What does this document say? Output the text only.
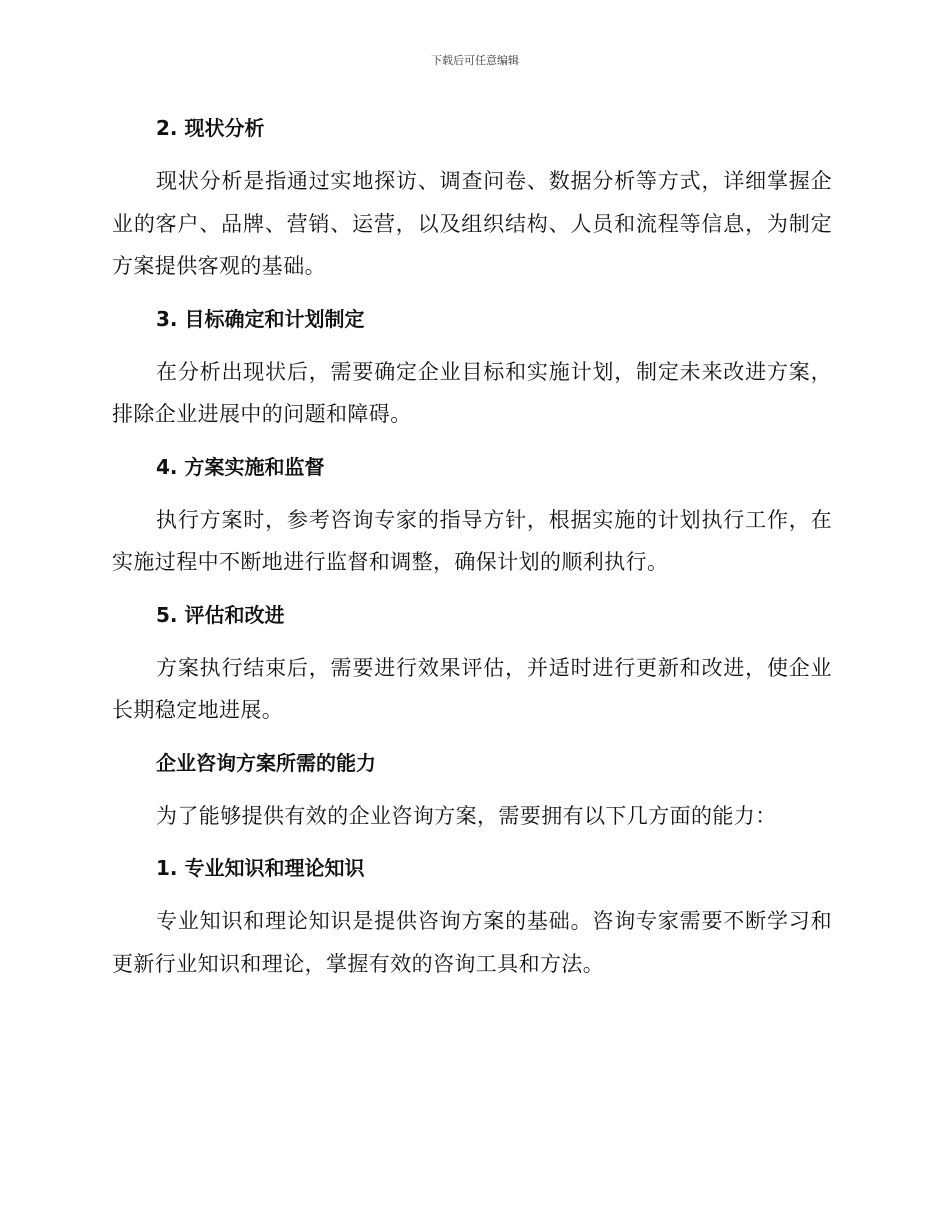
下载后可任意编辑
2. 现状分析

现状分析是指通过实地探访、调查问卷、数据分析等方式，详细掌握企业的客户、品牌、营销、运营，以及组织结构、人员和流程等信息，为制定方案提供客观的基础。

3. 目标确定和计划制定

在分析出现状后，需要确定企业目标和实施计划，制定未来改进方案，排除企业进展中的问题和障碍。

4. 方案实施和监督

执行方案时，参考咨询专家的指导方针，根据实施的计划执行工作，在实施过程中不断地进行监督和调整，确保计划的顺利执行。

5. 评估和改进

方案执行结束后，需要进行效果评估，并适时进行更新和改进，使企业长期稳定地进展。

企业咨询方案所需的能力

为了能够提供有效的企业咨询方案，需要拥有以下几方面的能力：

1. 专业知识和理论知识

专业知识和理论知识是提供咨询方案的基础。咨询专家需要不断学习和更新行业知识和理论，掌握有效的咨询工具和方法。
